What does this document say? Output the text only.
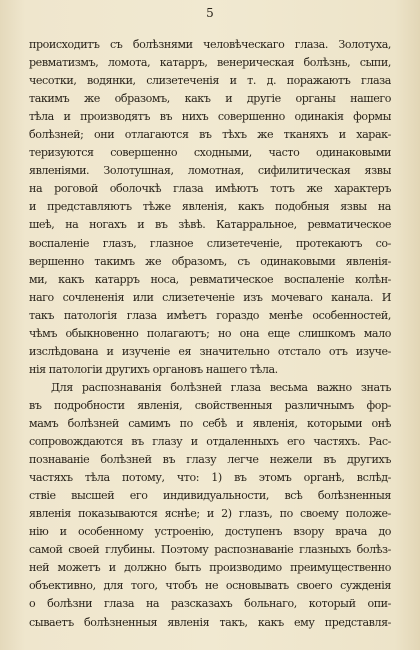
5
происходитъ съ болѣзнями человѣческаго глаза. Золотуха,
ревматизмъ, ломота, катарръ, венерическая болѣзнь, сыпи,
чесотки, водянки, слизетеченія и т. д. поражаютъ глаза
такимъ же образомъ, какъ и другіе органы нашего
тѣла и производятъ въ нихъ совершенно одинакія формы
болѣзней; они отлагаются въ тѣхъ же тканяхъ и харак-
теризуются совершенно сходными, часто одинаковыми
явленіями. Золотушная, ломотная, сифилитическая язвы
на роговой оболочкѣ глаза имѣютъ тотъ же характеръ
и представляютъ тѣже явленія, какъ подобныя язвы на
шеѣ, на ногахъ и въ зѣвѣ. Катарральное, ревматическое
воспаленіе глазъ, глазное слизетеченіе, протекаютъ со-
вершенно такимъ же образомъ, съ одинаковыми явленія-
ми, какъ катарръ носа, ревматическое воспаленіе колѣн-
наго сочлененія или слизетеченіе изъ мочеваго канала. И
такъ патологія глаза имѣетъ гораздо менѣе особенностей,
чѣмъ обыкновенно полагаютъ; но она еще слишкомъ мало
изслѣдована и изученіе ея значительно отстало отъ изуче-
нія патологіи другихъ органовъ нашего тѣла.
Для распознаванія болѣзней глаза весьма важно знать
въ подробности явленія, свойственныя различнымъ фор-
мамъ болѣзней самимъ по себѣ и явленія, которыми онѣ
сопровождаются въ глазу и отдаленныхъ его частяхъ. Рас-
познаваніе болѣзней въ глазу легче нежели въ другихъ
частяхъ тѣла потому, что: 1) въ этомъ органѣ, вслѣд-
ствіе высшей его индивидуальности, всѣ болѣзненныя
явленія показываются яснѣе; и 2) глазъ, по своему положе-
нію и особенному устроенію, доступенъ взору врача до
самой своей глубины. Поэтому распознаваніе глазныхъ болѣз-
ней можетъ и должно быть производимо преимущественно
объективно, для того, чтобъ не основывать своего сужденія
о болѣзни глаза на разсказахъ больнаго, который опи-
сываетъ болѣзненныя явленія такъ, какъ ему представля-
